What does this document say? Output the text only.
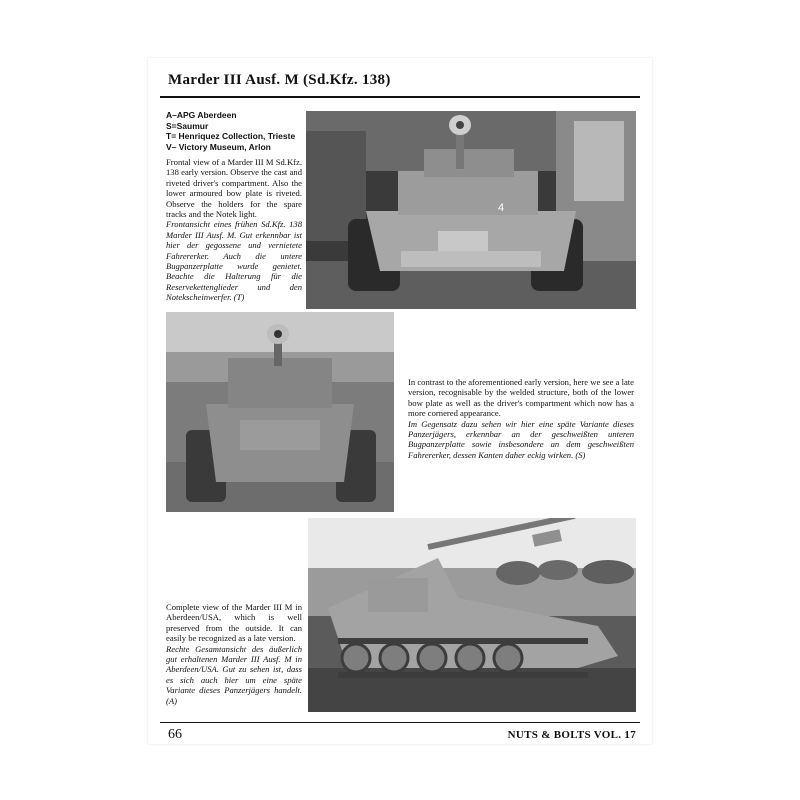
Marder III Ausf. M (Sd.Kfz. 138)
A–APG Aberdeen
S=Saumur
T= Henriquez Collection, Trieste
V– Victory Museum, Arlon

Frontal view of a Marder III M Sd.Kfz. 138 early version. Observe the cast and riveted driver's compartment. Also the lower armoured bow plate is riveted. Observe the holders for the spare tracks and the Notek light.

Frontansicht eines frühen Sd.Kfz. 138 Marder III Ausf. M. Gut erkennbar ist hier der gegossene und vernietete Fahrererker. Auch die untere Bugpanzerplatte wurde genietet. Beachte die Halterung für die Reservekettenglieder und den Notekscheinwerfer. (T)

4

In contrast to the aforementioned early version, here we see a late version, recognisable by the welded structure, both of the lower bow plate as well as the driver's compartment which now has a more cornered appearance.

Im Gegensatz dazu sehen wir hier eine späte Variante dieses Panzerjägers, erkennbar an der geschweißten unteren Bugpanzerplatte sowie insbesondere an dem geschweißten Fahrererker, dessen Kanten daher eckig wirken. (S)

Complete view of the Marder III M in Aberdeen/USA, which is well preserved from the outside. It can easily be recognized as a late version.

Rechte Gesamtansicht des äußerlich gut erhaltenen Marder III Ausf. M in Aberdeen/USA. Gut zu sehen ist, dass es sich auch hier um eine späte Variante dieses Panzerjägers handelt. (A)

66	NUTS & BOLTS VOL. 17
